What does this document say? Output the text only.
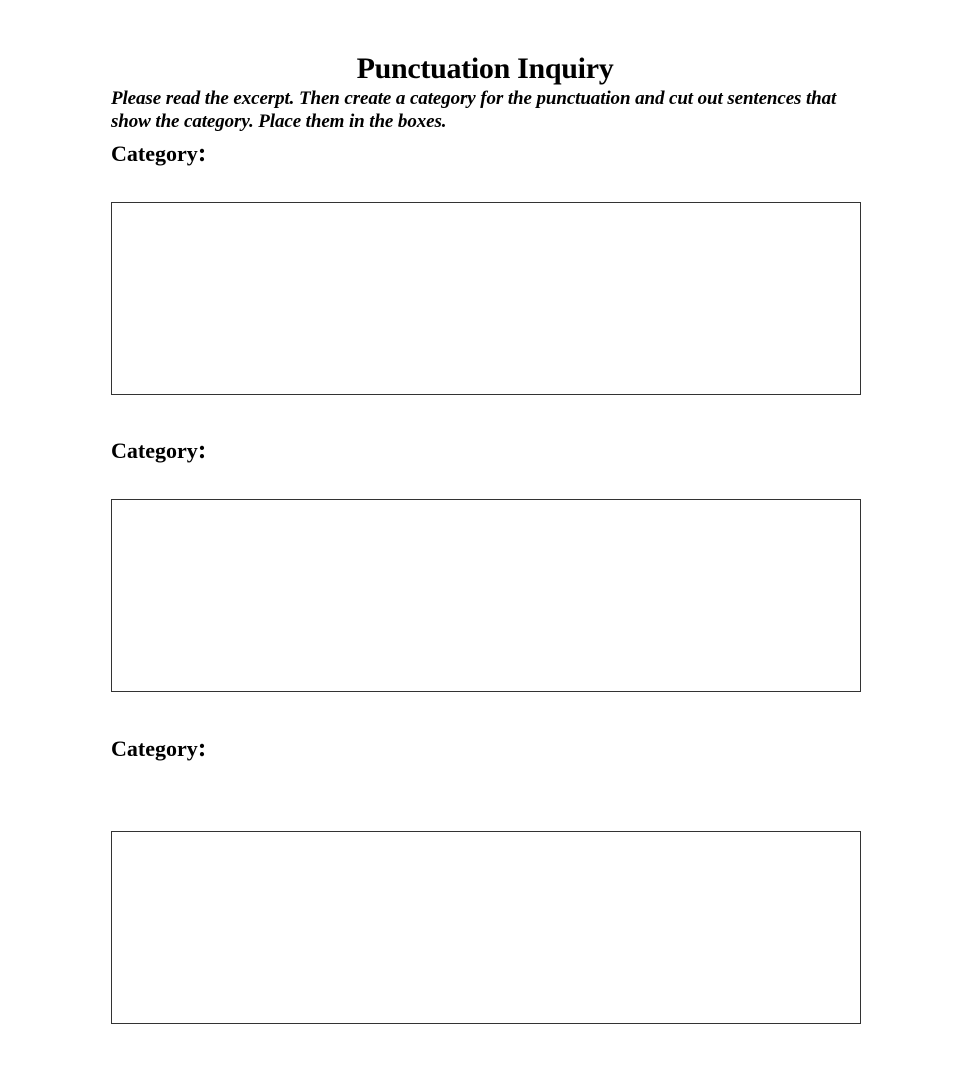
Punctuation Inquiry
Please read the excerpt. Then create a category for the punctuation and cut out sentences that show the category. Place them in the boxes.
Category:
Category:
Category:
